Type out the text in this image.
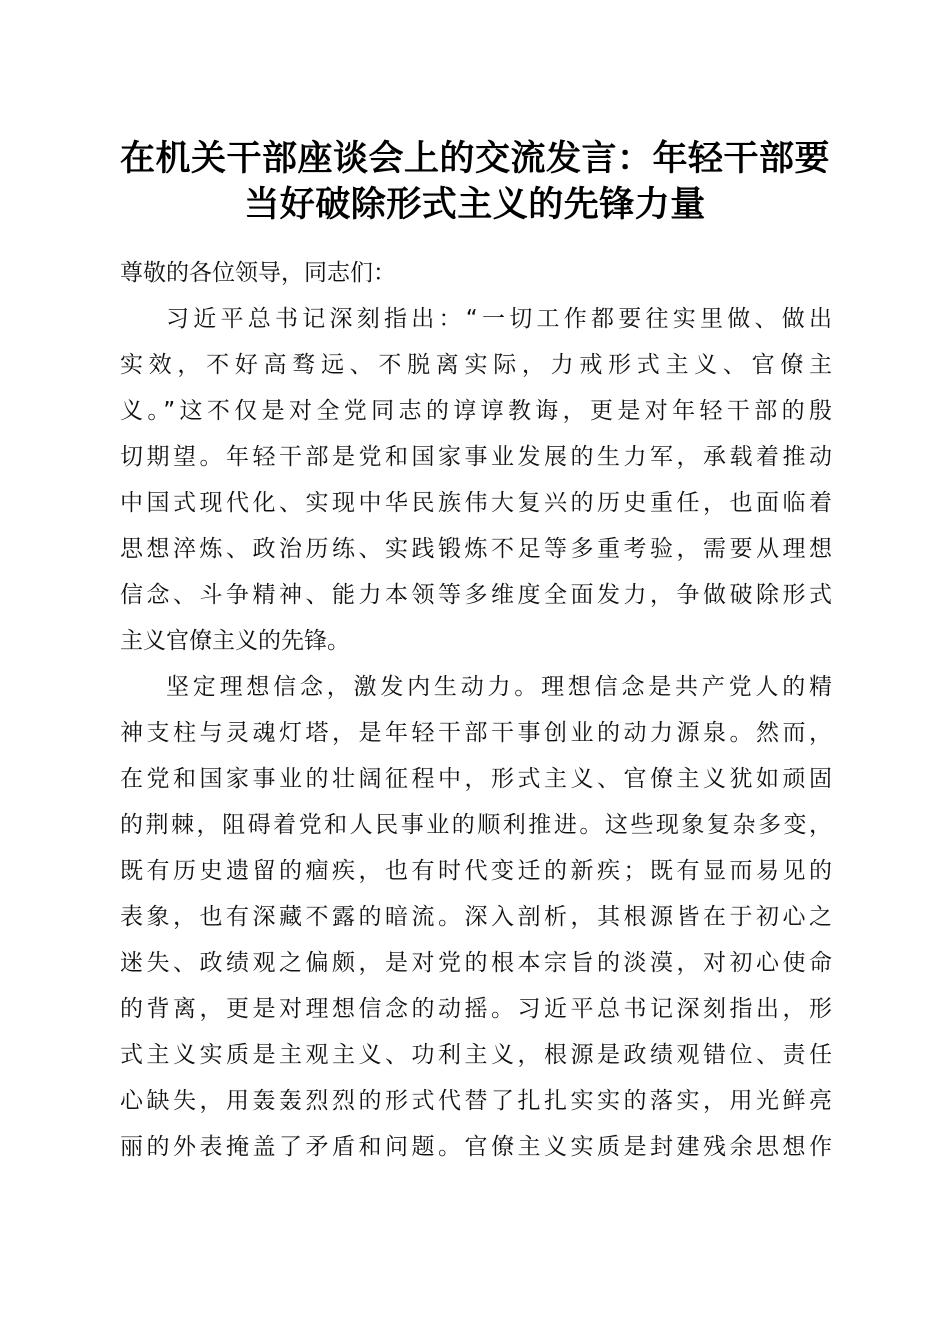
在机关干部座谈会上的交流发言：年轻干部要
当好破除形式主义的先锋力量

尊敬的各位领导，同志们：

习近平总书记深刻指出：“一切工作都要往实里做、做出
实效，不好高骛远、不脱离实际，力戒形式主义、官僚主
义。”这不仅是对全党同志的谆谆教诲，更是对年轻干部的殷
切期望。年轻干部是党和国家事业发展的生力军，承载着推动
中国式现代化、实现中华民族伟大复兴的历史重任，也面临着
思想淬炼、政治历练、实践锻炼不足等多重考验，需要从理想
信念、斗争精神、能力本领等多维度全面发力，争做破除形式
主义官僚主义的先锋。

坚定理想信念，激发内生动力。理想信念是共产党人的精
神支柱与灵魂灯塔，是年轻干部干事创业的动力源泉。然而，
在党和国家事业的壮阔征程中，形式主义、官僚主义犹如顽固
的荆棘，阻碍着党和人民事业的顺利推进。这些现象复杂多变，
既有历史遗留的痼疾，也有时代变迁的新疾；既有显而易见的
表象，也有深藏不露的暗流。深入剖析，其根源皆在于初心之
迷失、政绩观之偏颇，是对党的根本宗旨的淡漠，对初心使命
的背离，更是对理想信念的动摇。习近平总书记深刻指出，形
式主义实质是主观主义、功利主义，根源是政绩观错位、责任
心缺失，用轰轰烈烈的形式代替了扎扎实实的落实，用光鲜亮
丽的外表掩盖了矛盾和问题。官僚主义实质是封建残余思想作
